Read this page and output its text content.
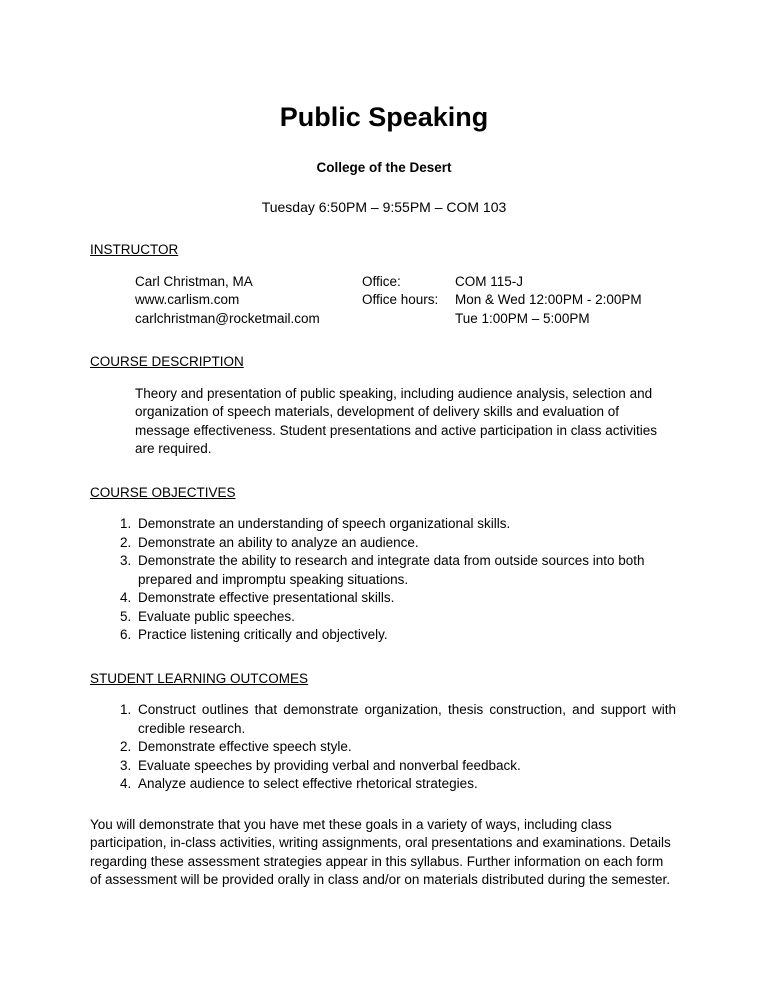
Public Speaking

College of the Desert

Tuesday 6:50PM – 9:55PM – COM 103

INSTRUCTOR
Carl Christman, MA
www.carlism.com
carlchristman@rocketmail.com
Office:	COM 115-J
Office hours:	Mon & Wed 12:00PM - 2:00PM
Tue 1:00PM – 5:00PM
COURSE DESCRIPTION

Theory and presentation of public speaking, including audience analysis, selection and organization of speech materials, development of delivery skills and evaluation of message effectiveness. Student presentations and active participation in class activities are required.

COURSE OBJECTIVES
1. Demonstrate an understanding of speech organizational skills.
2. Demonstrate an ability to analyze an audience.
3. Demonstrate the ability to research and integrate data from outside sources into both prepared and impromptu speaking situations.
4. Demonstrate effective presentational skills.
5. Evaluate public speeches.
6. Practice listening critically and objectively.
STUDENT LEARNING OUTCOMES
1. Construct outlines that demonstrate organization, thesis construction, and support with credible research.
2. Demonstrate effective speech style.
3. Evaluate speeches by providing verbal and nonverbal feedback.
4. Analyze audience to select effective rhetorical strategies.

You will demonstrate that you have met these goals in a variety of ways, including class participation, in-class activities, writing assignments, oral presentations and examinations. Details regarding these assessment strategies appear in this syllabus. Further information on each form of assessment will be provided orally in class and/or on materials distributed during the semester.
